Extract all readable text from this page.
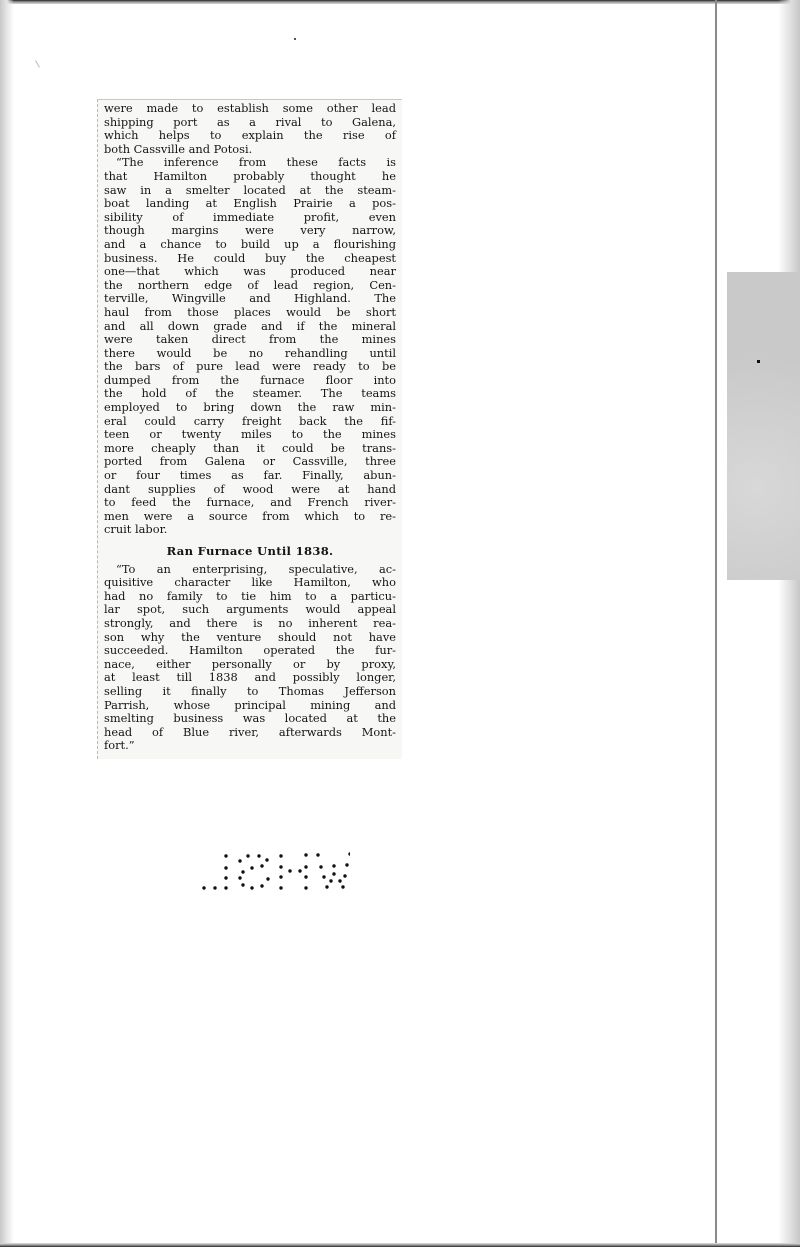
were made to establish some other lead
shipping port as a rival to Galena,
which helps to explain the rise of
both Cassville and Potosi.
“The inference from these facts is
that Hamilton probably thought he
saw in a smelter located at the steam-
boat landing at English Prairie a pos-
sibility of immediate profit, even
though margins were very narrow,
and a chance to build up a flourishing
business. He could buy the cheapest
one—that which was produced near
the northern edge of lead region, Cen-
terville, Wingville and Highland. The
haul from those places would be short
and all down grade and if the mineral
were taken direct from the mines
there would be no rehandling until
the bars of pure lead were ready to be
dumped from the furnace floor into
the hold of the steamer. The teams
employed to bring down the raw min-
eral could carry freight back the fif-
teen or twenty miles to the mines
more cheaply than it could be trans-
ported from Galena or Cassville, three
or four times as far. Finally, abun-
dant supplies of wood were at hand
to feed the furnace, and French river-
men were a source from which to re-
cruit labor.
Ran Furnace Until 1838.
“To an enterprising, speculative, ac-
quisitive character like Hamilton, who
had no family to tie him to a particu-
lar spot, such arguments would appeal
strongly, and there is no inherent rea-
son why the venture should not have
succeeded. Hamilton operated the fur-
nace, either personally or by proxy,
at least till 1838 and possibly longer,
selling it finally to Thomas Jefferson
Parrish, whose principal mining and
smelting business was located at the
head of Blue river, afterwards Mont-
fort.”
